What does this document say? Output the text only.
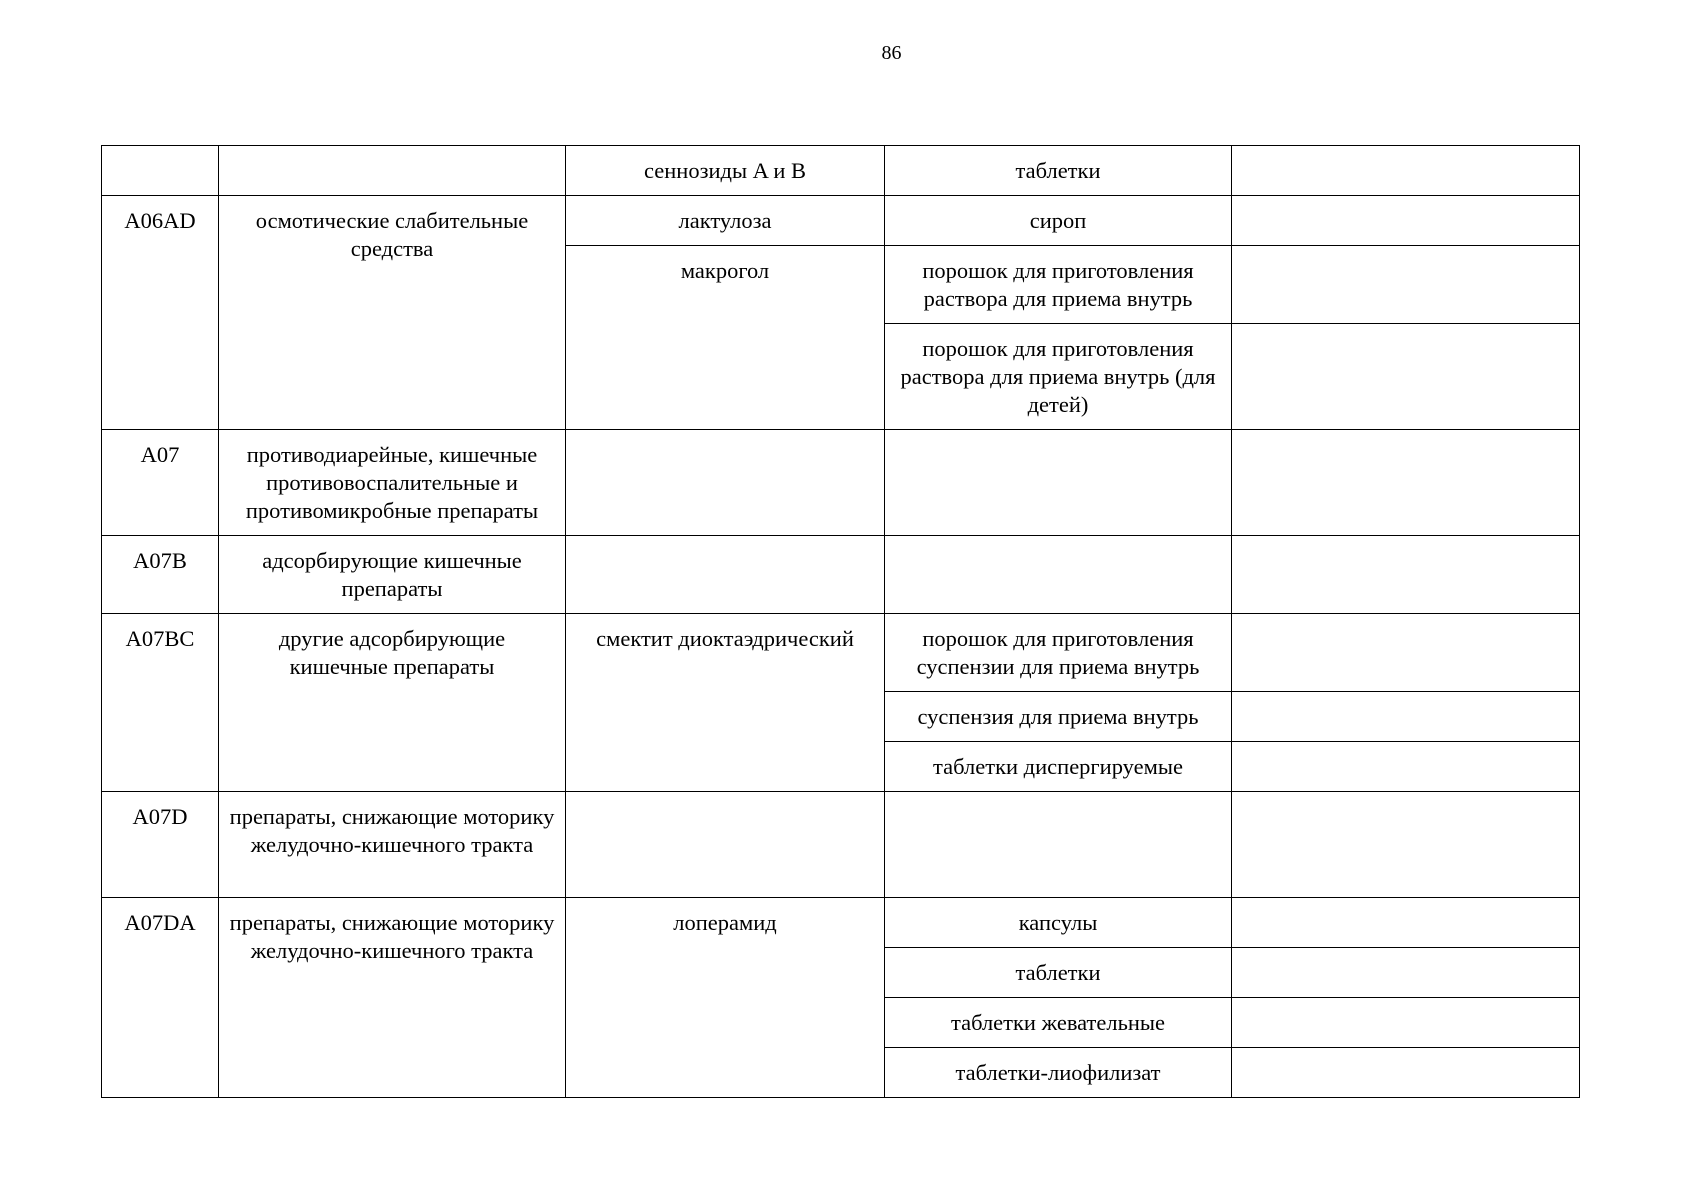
86
		сеннозиды A и B	таблетки	
A06AD	осмотические слабительные средства	лактулоза	сироп	
		макрогол	порошок для приготовления раствора для приема внутрь	
			порошок для приготовления раствора для приема внутрь (для детей)	
A07	противодиарейные, кишечные противовоспалительные и противомикробные препараты			
A07B	адсорбирующие кишечные препараты			
A07BC	другие адсорбирующие кишечные препараты	смектит диоктаэдрический	порошок для приготовления суспензии для приема внутрь	
			суспензия для приема внутрь	
			таблетки диспергируемые	
A07D	препараты, снижающие моторику желудочно-кишечного тракта			
A07DA	препараты, снижающие моторику желудочно-кишечного тракта	лоперамид	капсулы	
			таблетки	
			таблетки жевательные	
			таблетки-лиофилизат	
